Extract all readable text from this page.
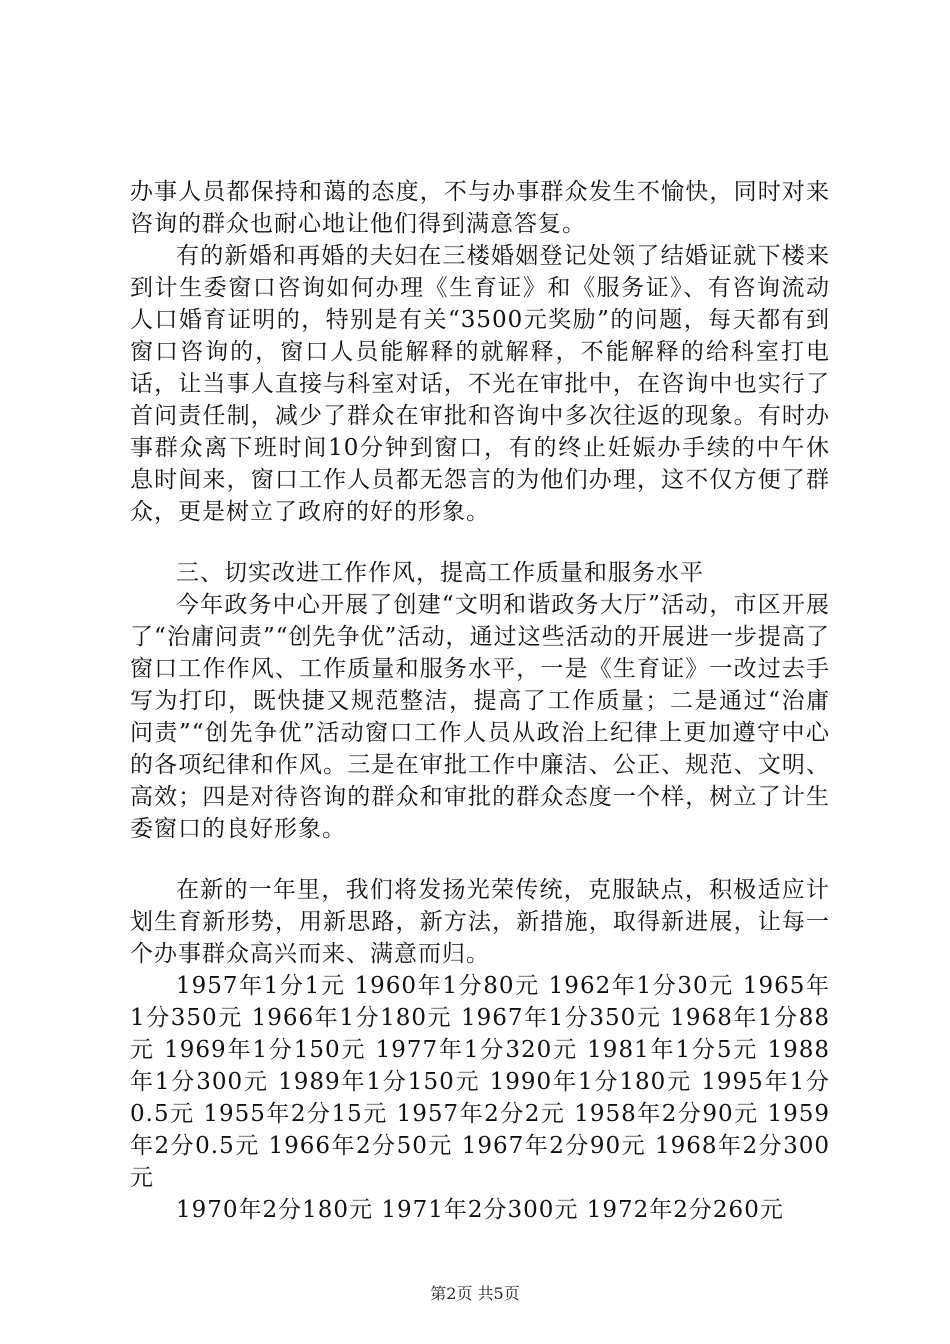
办事人员都保持和蔼的态度，不与办事群众发生不愉快，同时对来咨询的群众也耐心地让他们得到满意答复。

有的新婚和再婚的夫妇在三楼婚姻登记处领了结婚证就下楼来到计生委窗口咨询如何办理《生育证》和《服务证》、有咨询流动人口婚育证明的，特别是有关“3500元奖励”的问题，每天都有到窗口咨询的，窗口人员能解释的就解释，不能解释的给科室打电话，让当事人直接与科室对话，不光在审批中，在咨询中也实行了首问责任制，减少了群众在审批和咨询中多次往返的现象。有时办事群众离下班时间10分钟到窗口，有的终止妊娠办手续的中午休息时间来，窗口工作人员都无怨言的为他们办理，这不仅方便了群众，更是树立了政府的好的形象。

三、切实改进工作作风，提高工作质量和服务水平

今年政务中心开展了创建“文明和谐政务大厅”活动，市区开展了“治庸问责”“创先争优”活动，通过这些活动的开展进一步提高了窗口工作作风、工作质量和服务水平，一是《生育证》一改过去手写为打印，既快捷又规范整洁，提高了工作质量；二是通过“治庸问责”“创先争优”活动窗口工作人员从政治上纪律上更加遵守中心的各项纪律和作风。三是在审批工作中廉洁、公正、规范、文明、高效；四是对待咨询的群众和审批的群众态度一个样，树立了计生委窗口的良好形象。

在新的一年里，我们将发扬光荣传统，克服缺点，积极适应计划生育新形势，用新思路，新方法，新措施，取得新进展，让每一个办事群众高兴而来、满意而归。

1957年1分1元 1960年1分80元 1962年1分30元 1965年1分350元 1966年1分180元 1967年1分350元 1968年1分88元 1969年1分150元 1977年1分320元 1981年1分5元 1988年1分300元 1989年1分150元 1990年1分180元 1995年1分0.5元 1955年2分15元 1957年2分2元 1958年2分90元 1959年2分0.5元 1966年2分50元 1967年2分90元 1968年2分300元

1970年2分180元 1971年2分300元 1972年2分260元

第2页 共5页
